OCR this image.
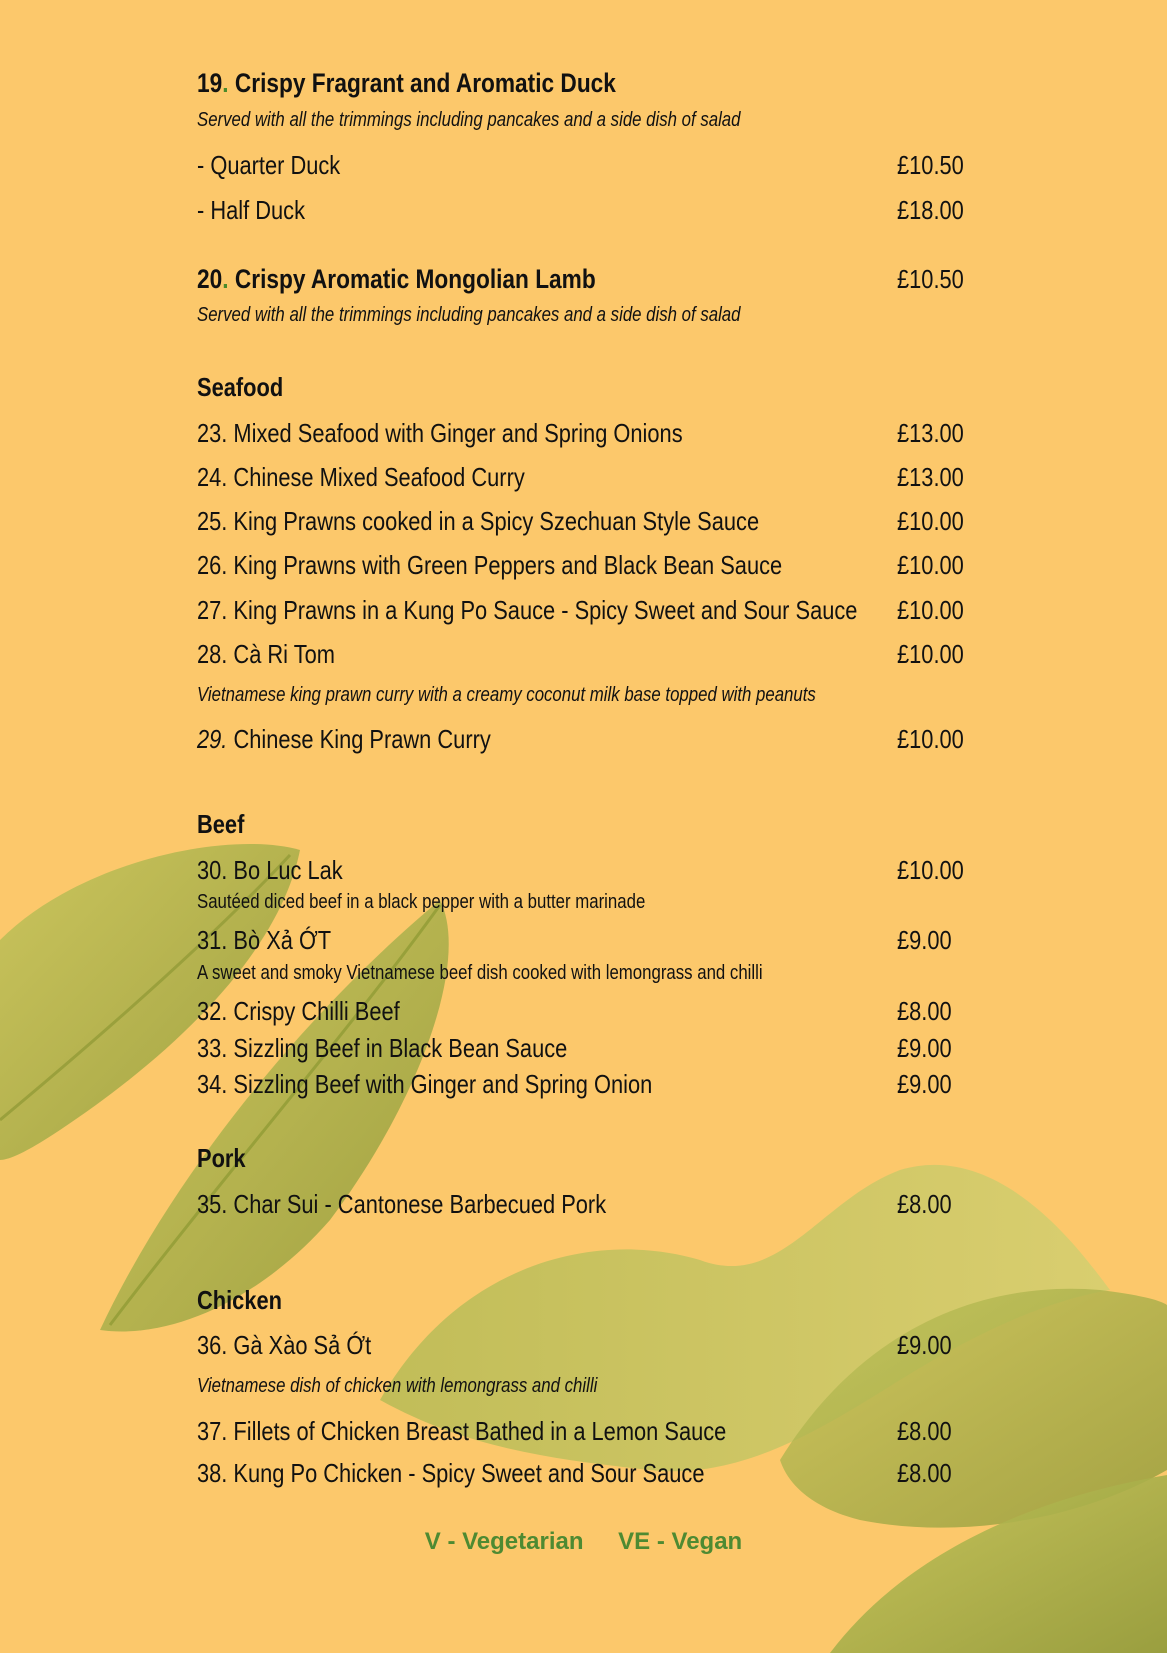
19. Crispy Fragrant and Aromatic Duck
Served with all the trimmings including pancakes and a side dish of salad
- Quarter Duck	£10.50
- Half Duck	£18.00
20. Crispy Aromatic Mongolian Lamb	£10.50
Served with all the trimmings including pancakes and a side dish of salad
Seafood
23. Mixed Seafood with Ginger and Spring Onions	£13.00
24. Chinese Mixed Seafood Curry	£13.00
25. King Prawns cooked in a Spicy Szechuan Style Sauce	£10.00
26. King Prawns with Green Peppers and Black Bean Sauce	£10.00
27. King Prawns in a Kung Po Sauce - Spicy Sweet and Sour Sauce £10.00
28. Cà Ri Tom	£10.00
Vietnamese king prawn curry with a creamy coconut milk base topped with peanuts
29. Chinese King Prawn Curry	£10.00
Beef
30. Bo Luc Lak	£10.00
Sautéed diced beef in a black pepper with a butter marinade
31. Bò Xả ỚT	£9.00
A sweet and smoky Vietnamese beef dish cooked with lemongrass and chilli
32. Crispy Chilli Beef	£8.00
33. Sizzling Beef in Black Bean Sauce	£9.00
34. Sizzling Beef with Ginger and Spring Onion	£9.00
Pork
35. Char Sui - Cantonese Barbecued Pork	£8.00
Chicken
36. Gà Xào Sả Ớt	£9.00
Vietnamese dish of chicken with lemongrass and chilli
37. Fillets of Chicken Breast Bathed in a Lemon Sauce	£8.00
38. Kung Po Chicken - Spicy Sweet and Sour Sauce	£8.00
V - Vegetarian VE - Vegan
